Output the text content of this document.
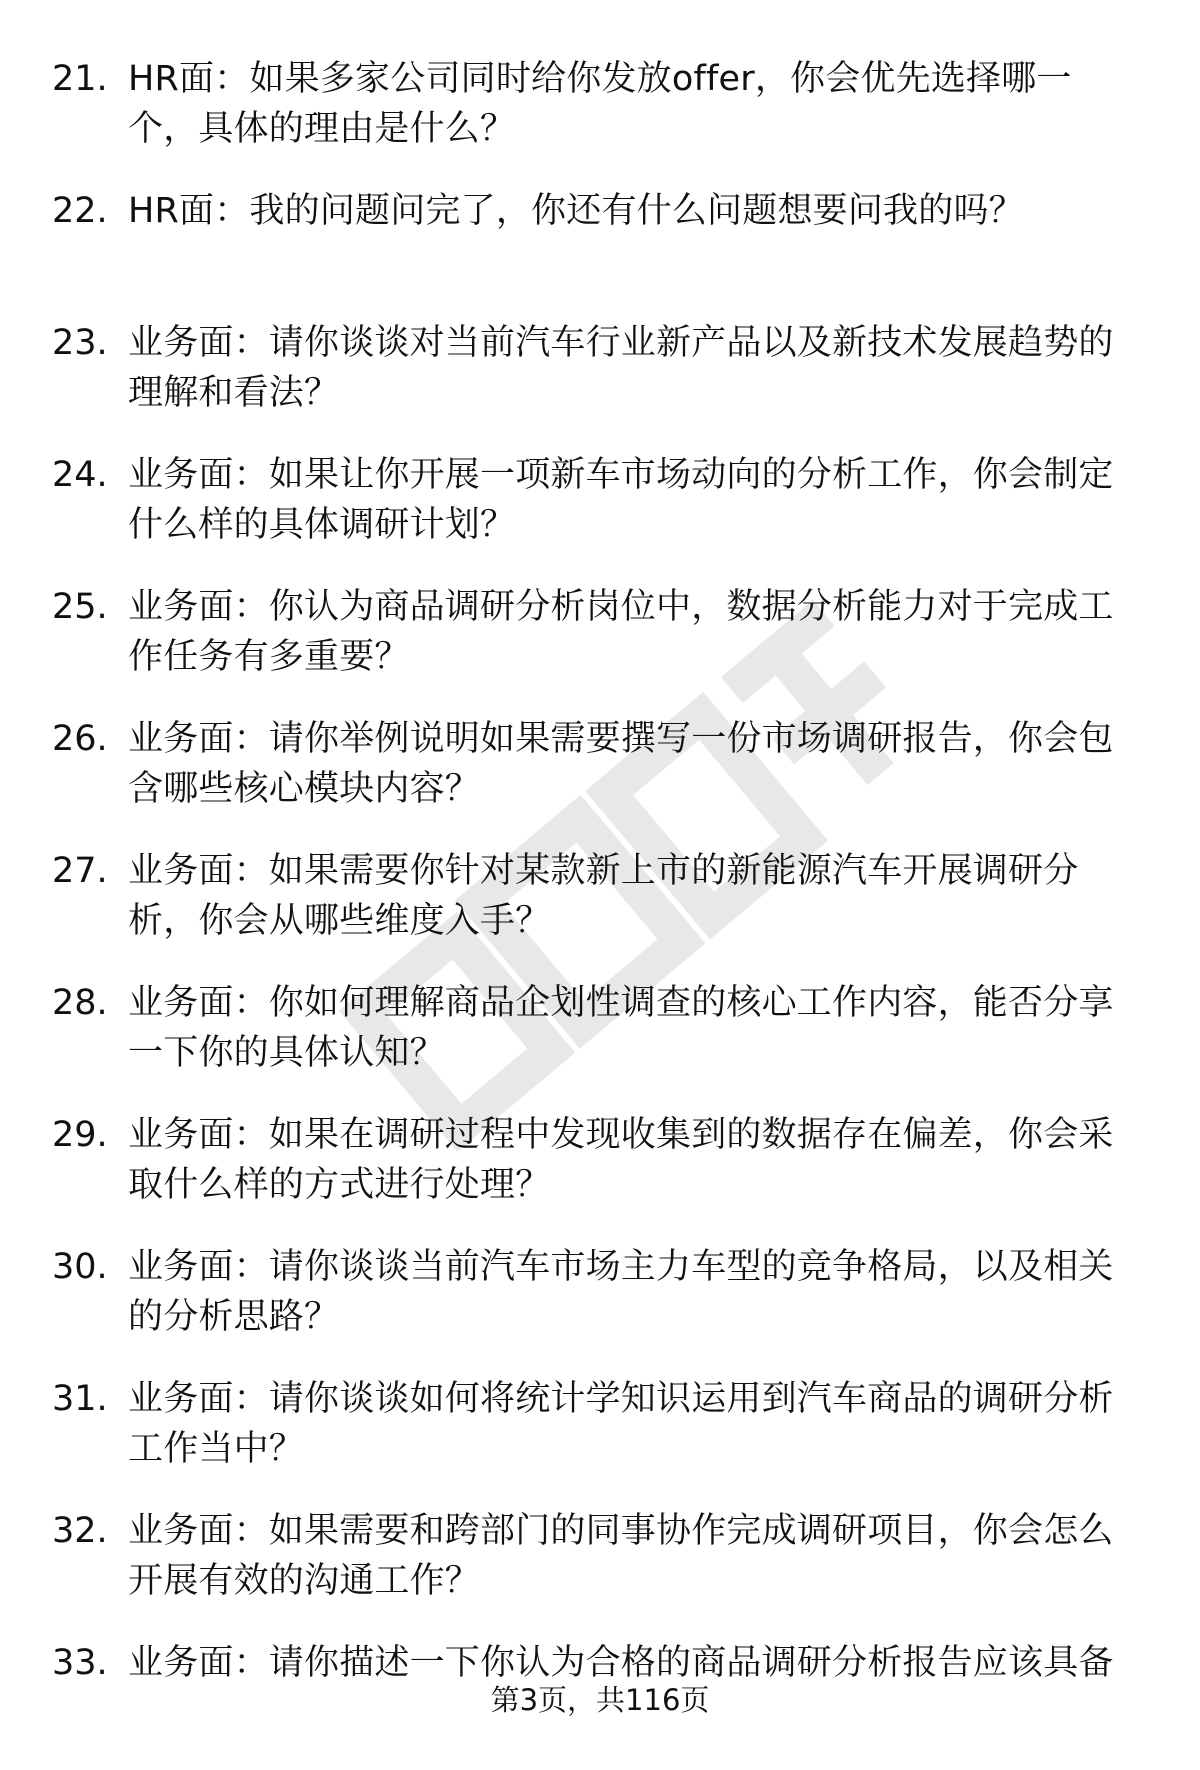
21. HR面：如果多家公司同时给你发放offer，你会优先选择哪一
个，具体的理由是什么？
22. HR面：我的问题问完了，你还有什么问题想要问我的吗？
23. 业务面：请你谈谈对当前汽车行业新产品以及新技术发展趋势的
理解和看法？
24. 业务面：如果让你开展一项新车市场动向的分析工作，你会制定
什么样的具体调研计划？
25. 业务面：你认为商品调研分析岗位中，数据分析能力对于完成工
作任务有多重要？
26. 业务面：请你举例说明如果需要撰写一份市场调研报告，你会包
含哪些核心模块内容？
27. 业务面：如果需要你针对某款新上市的新能源汽车开展调研分
析，你会从哪些维度入手？
28. 业务面：你如何理解商品企划性调查的核心工作内容，能否分享
一下你的具体认知？
29. 业务面：如果在调研过程中发现收集到的数据存在偏差，你会采
取什么样的方式进行处理？
30. 业务面：请你谈谈当前汽车市场主力车型的竞争格局，以及相关
的分析思路？
31. 业务面：请你谈谈如何将统计学知识运用到汽车商品的调研分析
工作当中？
32. 业务面：如果需要和跨部门的同事协作完成调研项目，你会怎么
开展有效的沟通工作？
33. 业务面：请你描述一下你认为合格的商品调研分析报告应该具备
第3页，共116页
